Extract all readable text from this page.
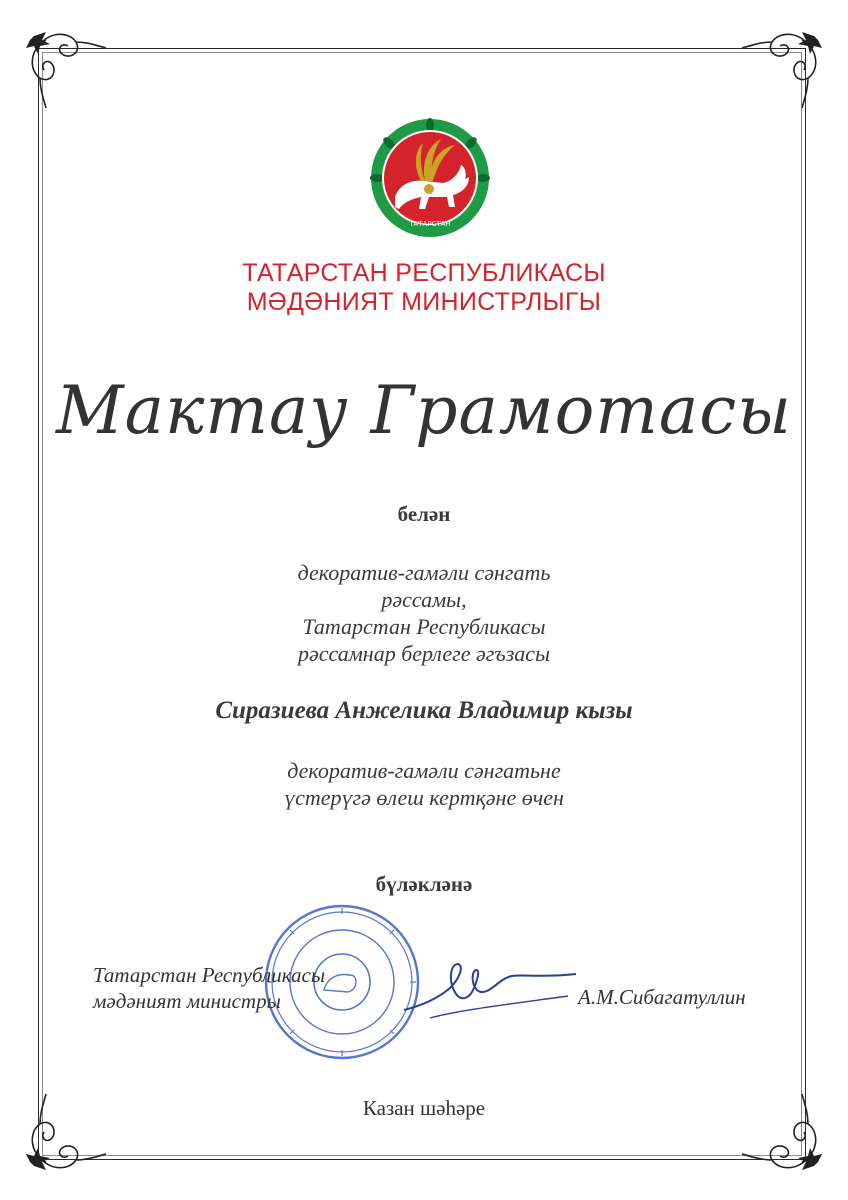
ТАТАРСТАН
ТАТАРСТАН РЕСПУБЛИКАСЫ
МӘДӘНИЯТ МИНИСТРЛЫГЫ
Мактау Грамотасы
белән
декоратив-гамәли сәнгать
рәссамы,
Татарстан Республикасы
рәссамнар берлеге әгъзасы
Сиразиева Анжелика Владимир кызы
декоратив-гамәли сәнгатьне
үстерүгә өлеш кертқәне өчен
бүләкләнә
Татарстан Республикасы
мәдәният министры	А.М.Сибагатуллин
Казан шәһәре
